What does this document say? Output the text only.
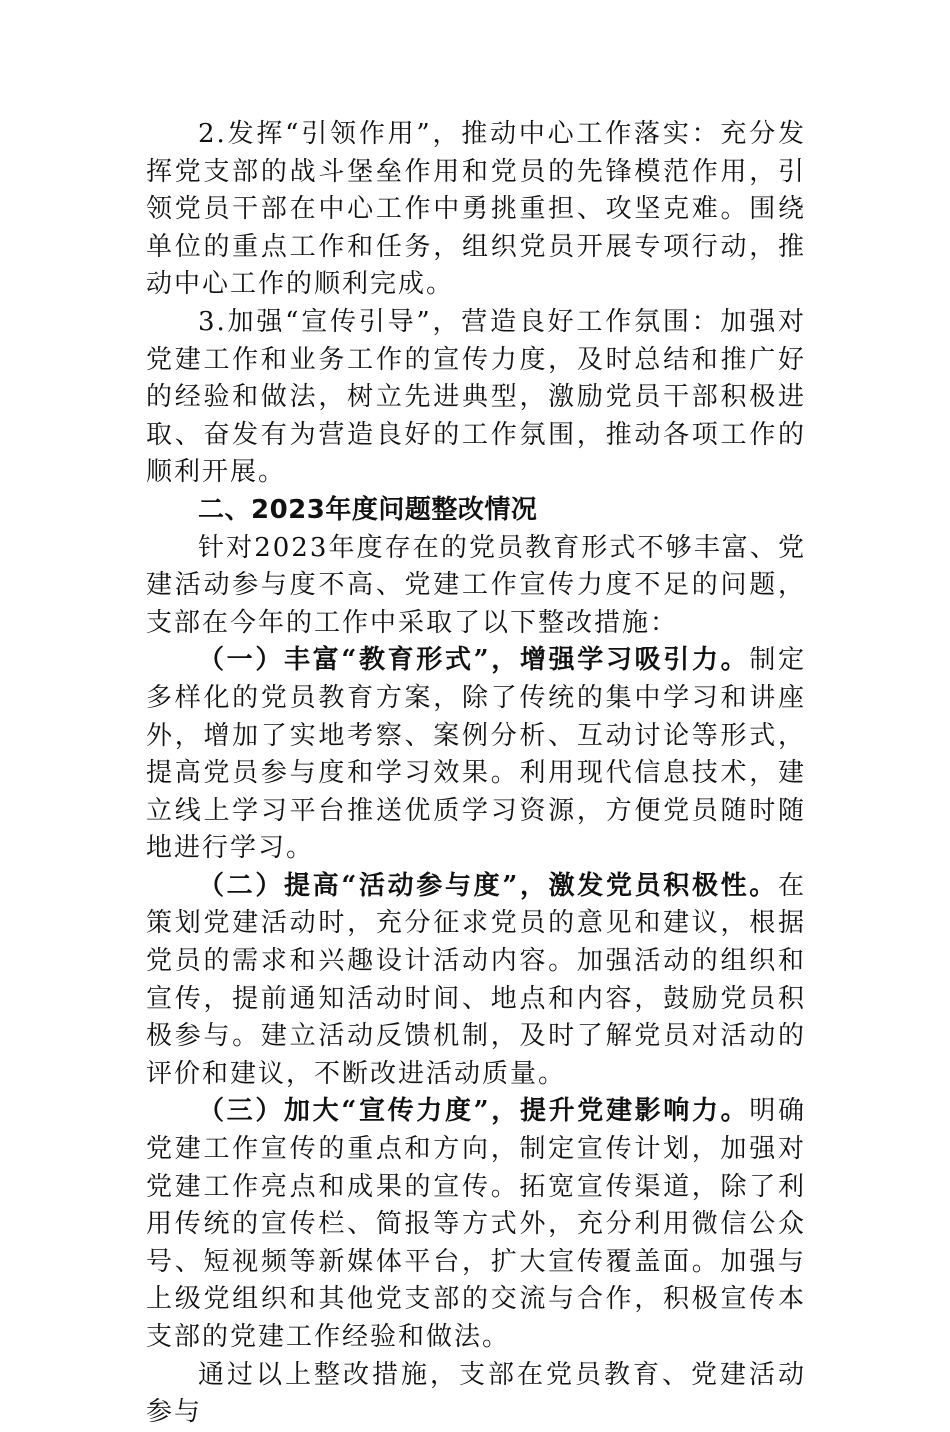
2.发挥“引领作用”，推动中心工作落实：充分发挥党支部的战斗堡垒作用和党员的先锋模范作用，引领党员干部在中心工作中勇挑重担、攻坚克难。围绕单位的重点工作和任务，组织党员开展专项行动，推动中心工作的顺利完成。

3.加强“宣传引导”，营造良好工作氛围：加强对党建工作和业务工作的宣传力度，及时总结和推广好的经验和做法，树立先进典型，激励党员干部积极进取、奋发有为营造良好的工作氛围，推动各项工作的顺利开展。

二、2023年度问题整改情况

针对2023年度存在的党员教育形式不够丰富、党建活动参与度不高、党建工作宣传力度不足的问题，支部在今年的工作中采取了以下整改措施：

（一）丰富“教育形式”，增强学习吸引力。制定多样化的党员教育方案，除了传统的集中学习和讲座外，增加了实地考察、案例分析、互动讨论等形式，提高党员参与度和学习效果。利用现代信息技术，建立线上学习平台推送优质学习资源，方便党员随时随地进行学习。

（二）提高“活动参与度”，激发党员积极性。在策划党建活动时，充分征求党员的意见和建议，根据党员的需求和兴趣设计活动内容。加强活动的组织和宣传，提前通知活动时间、地点和内容，鼓励党员积极参与。建立活动反馈机制，及时了解党员对活动的评价和建议，不断改进活动质量。

（三）加大“宣传力度”，提升党建影响力。明确党建工作宣传的重点和方向，制定宣传计划，加强对党建工作亮点和成果的宣传。拓宽宣传渠道，除了利用传统的宣传栏、简报等方式外，充分利用微信公众号、短视频等新媒体平台，扩大宣传覆盖面。加强与上级党组织和其他党支部的交流与合作，积极宣传本支部的党建工作经验和做法。

通过以上整改措施，支部在党员教育、党建活动参与
